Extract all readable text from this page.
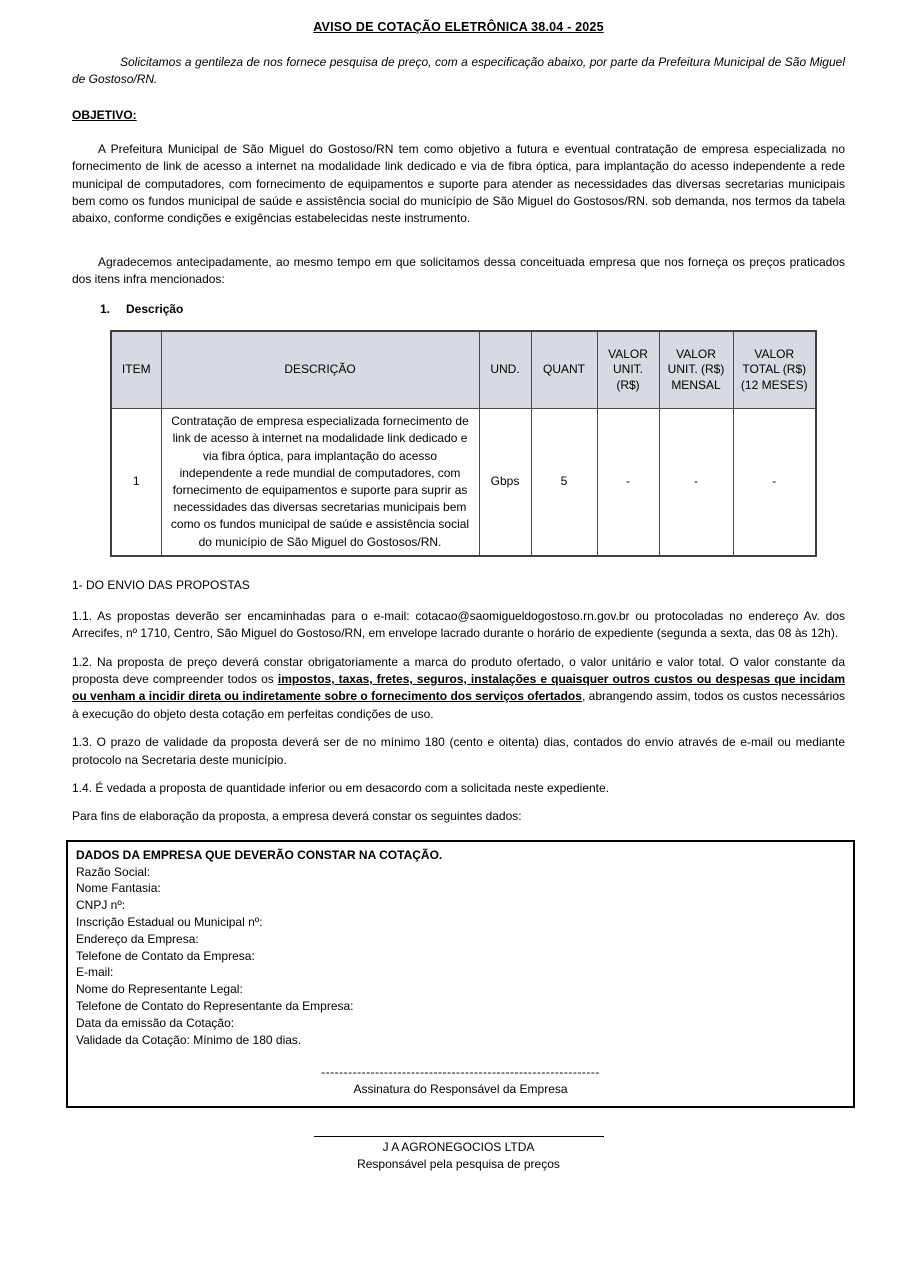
AVISO DE COTAÇÃO ELETRÔNICA 38.04 - 2025

Solicitamos a gentileza de nos fornece pesquisa de preço, com a especificação abaixo, por parte da Prefeitura Municipal de São Miguel de Gostoso/RN.

OBJETIVO:

A Prefeitura Municipal de São Miguel do Gostoso/RN tem como objetivo a futura e eventual contratação de empresa especializada no fornecimento de link de acesso a internet na modalidade link dedicado e via de fibra óptica, para implantação do acesso independente a rede municipal de computadores, com fornecimento de equipamentos e suporte para atender as necessidades das diversas secretarias municipais bem como os fundos municipal de saúde e assistência social do município de São Miguel do Gostosos/RN. sob demanda, nos termos da tabela abaixo, conforme condições e exigências estabelecidas neste instrumento.

Agradecemos antecipadamente, ao mesmo tempo em que solicitamos dessa conceituada empresa que nos forneça os preços praticados dos itens infra mencionados:

1. Descrição
ITEM	DESCRIÇÃO	UND.	QUANT	VALOR UNIT. (R$)	VALOR UNIT. (R$) MENSAL	VALOR TOTAL (R$) (12 MESES)
1	Contratação de empresa especializada fornecimento de link de acesso à internet na modalidade link dedicado e via fibra óptica, para implantação do acesso independente a rede mundial de computadores, com fornecimento de equipamentos e suporte para suprir as necessidades das diversas secretarias municipais bem como os fundos municipal de saúde e assistência social do município de São Miguel do Gostosos/RN.	Gbps	5	-	-	-
1- DO ENVIO DAS PROPOSTAS

1.1. As propostas deverão ser encaminhadas para o e-mail: cotacao@saomigueldogostoso.rn.gov.br ou protocoladas no endereço Av. dos Arrecifes, nº 1710, Centro, São Miguel do Gostoso/RN, em envelope lacrado durante o horário de expediente (segunda a sexta, das 08 às 12h).

1.2. Na proposta de preço deverá constar obrigatoriamente a marca do produto ofertado, o valor unitário e valor total. O valor constante da proposta deve compreender todos os impostos, taxas, fretes, seguros, instalações e quaisquer outros custos ou despesas que incidam ou venham a incidir direta ou indiretamente sobre o fornecimento dos serviços ofertados, abrangendo assim, todos os custos necessários à execução do objeto desta cotação em perfeitas condições de uso.

1.3. O prazo de validade da proposta deverá ser de no mínimo 180 (cento e oitenta) dias, contados do envio através de e-mail ou mediante protocolo na Secretaria deste município.

1.4. É vedada a proposta de quantidade inferior ou em desacordo com a solicitada neste expediente.

Para fins de elaboração da proposta, a empresa deverá constar os seguintes dados:

DADOS DA EMPRESA QUE DEVERÃO CONSTAR NA COTAÇÃO.
Razão Social:
Nome Fantasia:
CNPJ nº:
Inscrição Estadual ou Municipal nº:
Endereço da Empresa:
Telefone de Contato da Empresa:
E-mail:
Nome do Representante Legal:
Telefone de Contato do Representante da Empresa:
Data da emissão da Cotação:
Validade da Cotação: Mínimo de 180 dias.
--------------------------------------------------------------
Assinatura do Responsável da Empresa
J A AGRONEGOCIOS LTDA
Responsável pela pesquisa de preços
